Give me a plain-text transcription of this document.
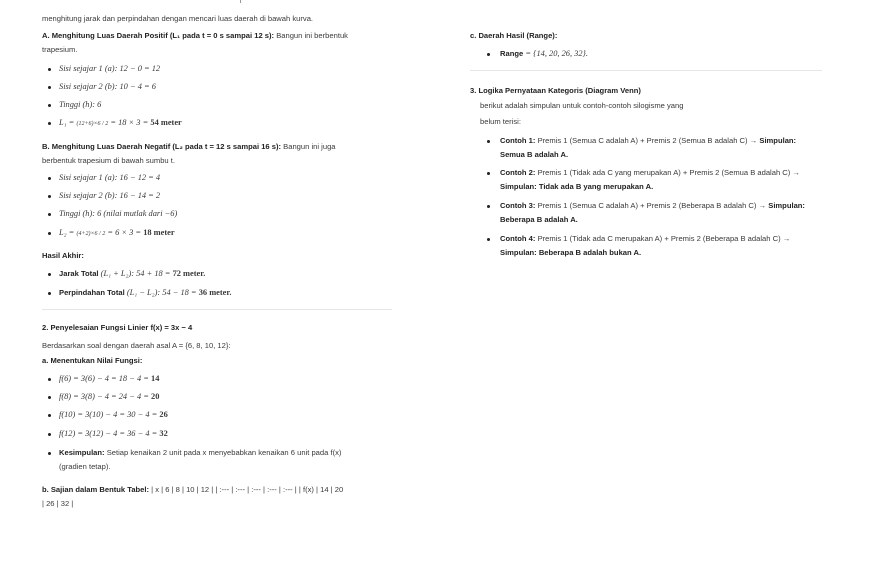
menghitung jarak dan perpindahan dengan mencari luas daerah di bawah kurva.
A. Menghitung Luas Daerah Positif (L₁ pada t = 0 s sampai 12 s): Bangun ini berbentuk
trapesium.
Sisi sejajar 1 (a): 12 − 0 = 12
Sisi sejajar 2 (b): 10 − 4 = 6
Tinggi (h): 6
L₁ = (12+6)×6 / 2 = 18 × 3 = 54 meter
B. Menghitung Luas Daerah Negatif (L₂ pada t = 12 s sampai 16 s): Bangun ini juga
berbentuk trapesium di bawah sumbu t.
Sisi sejajar 1 (a): 16 − 12 = 4
Sisi sejajar 2 (b): 16 − 14 = 2
Tinggi (h): 6 (nilai mutlak dari −6)
L₂ = (4+2)×6 / 2 = 6 × 3 = 18 meter
Hasil Akhir:
Jarak Total (L₁ + L₂): 54 + 18 = 72 meter.
Perpindahan Total (L₁ − L₂): 54 − 18 = 36 meter.
2. Penyelesaian Fungsi Linier f(x) = 3x − 4
Berdasarkan soal dengan daerah asal A = {6, 8, 10, 12}:
a. Menentukan Nilai Fungsi:
f(6) = 3(6) − 4 = 18 − 4 = 14
f(8) = 3(8) − 4 = 24 − 4 = 20
f(10) = 3(10) − 4 = 30 − 4 = 26
f(12) = 3(12) − 4 = 36 − 4 = 32
Kesimpulan: Setiap kenaikan 2 unit pada x menyebabkan kenaikan 6 unit pada f(x)
(gradien tetap).
b. Sajian dalam Bentuk Tabel: | x | 6 | 8 | 10 | 12 | | :--- | :--- | :--- | :--- | :--- | | f(x) | 14 | 20
| 26 | 32 |
c. Daerah Hasil (Range):
Range = {14, 20, 26, 32}.
3. Logika Pernyataan Kategoris (Diagram Venn)
berikut adalah simpulan untuk contoh-contoh silogisme yang
belum terisi:
Contoh 1: Premis 1 (Semua C adalah A) + Premis 2 (Semua B adalah C) → Simpulan:
Semua B adalah A.
Contoh 2: Premis 1 (Tidak ada C yang merupakan A) + Premis 2 (Semua B adalah C) →
Simpulan: Tidak ada B yang merupakan A.
Contoh 3: Premis 1 (Semua C adalah A) + Premis 2 (Beberapa B adalah C) → Simpulan:
Beberapa B adalah A.
Contoh 4: Premis 1 (Tidak ada C merupakan A) + Premis 2 (Beberapa B adalah C) →
Simpulan: Beberapa B adalah bukan A.
